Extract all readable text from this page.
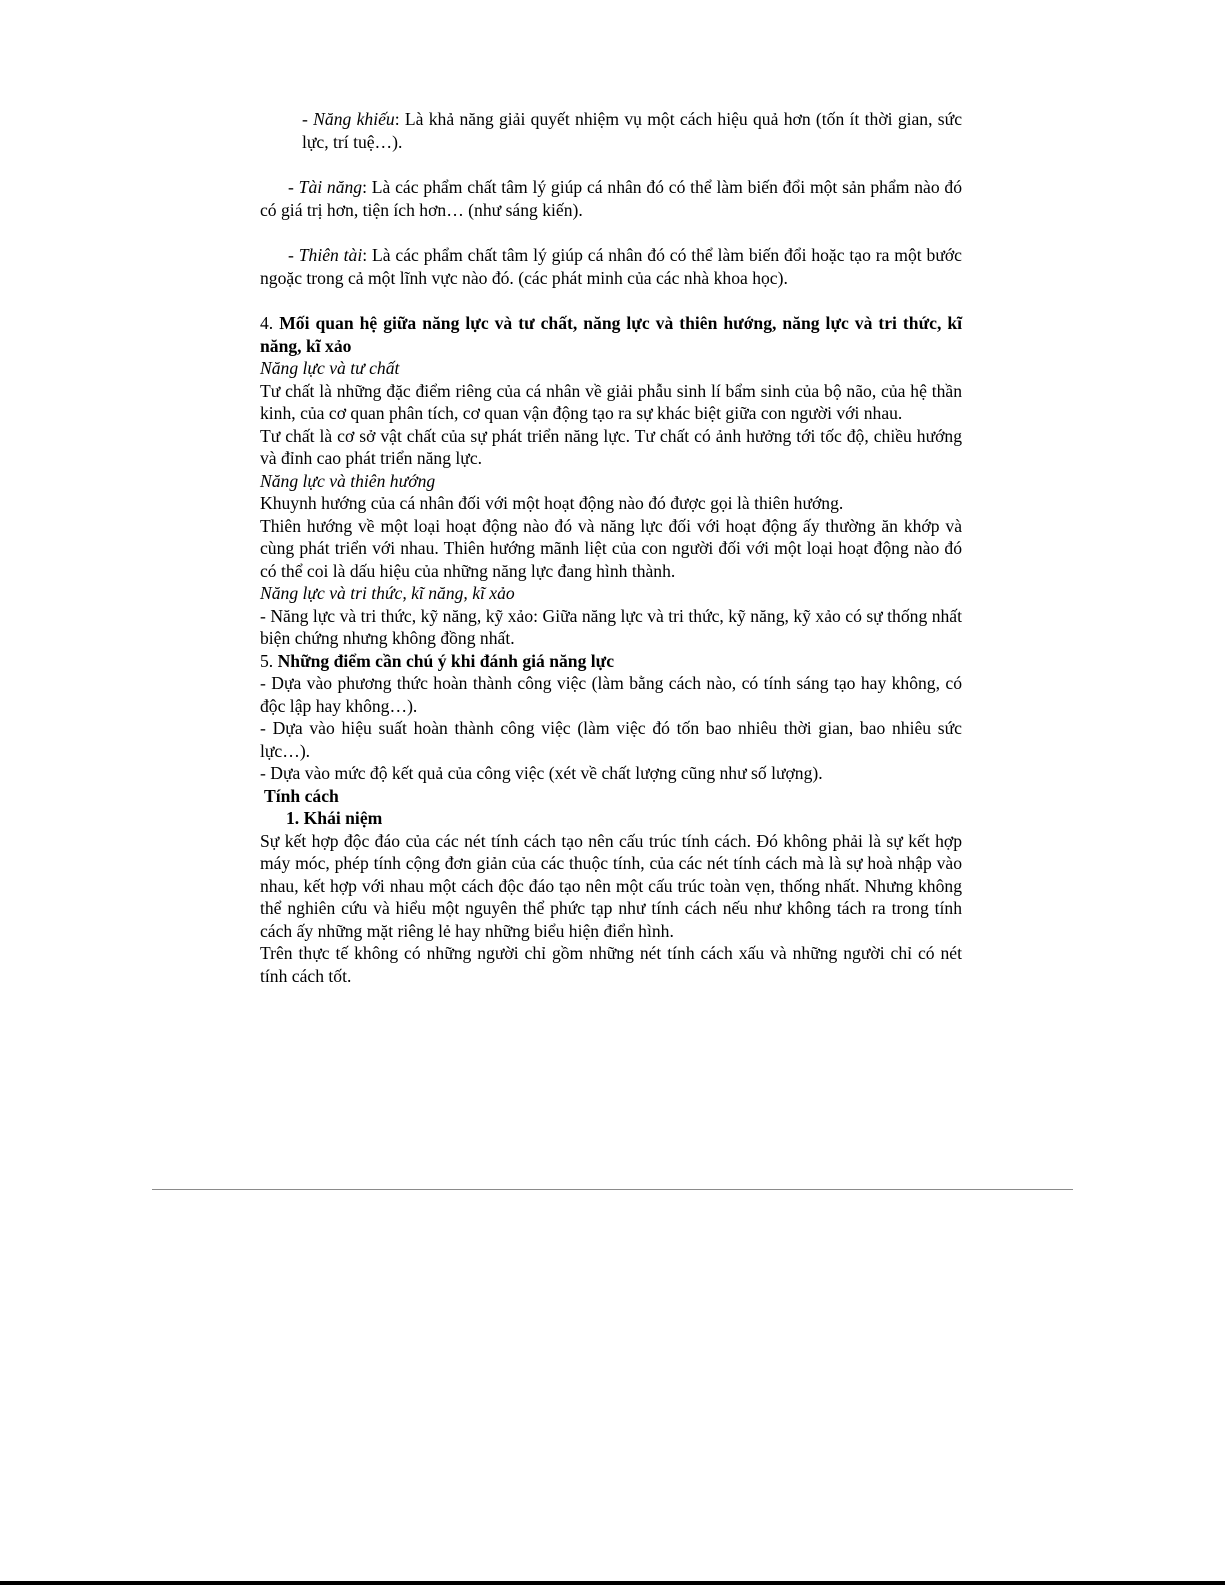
- Năng khiếu: Là khả năng giải quyết nhiệm vụ một cách hiệu quả hơn (tốn ít thời gian, sức lực, trí tuệ…).

- Tài năng: Là các phẩm chất tâm lý giúp cá nhân đó có thể làm biến đổi một sản phẩm nào đó có giá trị hơn, tiện ích hơn… (như sáng kiến).

- Thiên tài: Là các phẩm chất tâm lý giúp cá nhân đó có thể làm biến đổi hoặc tạo ra một bước ngoặc trong cả một lĩnh vực nào đó. (các phát minh của các nhà khoa học).

4. Mối quan hệ giữa năng lực và tư chất, năng lực và thiên hướng, năng lực và tri thức, kĩ năng, kĩ xảo

Năng lực và tư chất

Tư chất là những đặc điểm riêng của cá nhân về giải phẫu sinh lí bẩm sinh của bộ não, của hệ thần kinh, của cơ quan phân tích, cơ quan vận động tạo ra sự khác biệt giữa con người với nhau.

Tư chất là cơ sở vật chất của sự phát triển năng lực. Tư chất có ảnh hưởng tới tốc độ, chiều hướng và đỉnh cao phát triển năng lực.

Năng lực và thiên hướng

Khuynh hướng của cá nhân đối với một hoạt động nào đó được gọi là thiên hướng.

Thiên hướng về một loại hoạt động nào đó và năng lực đối với hoạt động ấy thường ăn khớp và cùng phát triển với nhau. Thiên hướng mãnh liệt của con người đối với một loại hoạt động nào đó có thể coi là dấu hiệu của những năng lực đang hình thành.

Năng lực và tri thức, kĩ năng, kĩ xảo

- Năng lực và tri thức, kỹ năng, kỹ xảo: Giữa năng lực và tri thức, kỹ năng, kỹ xảo có sự thống nhất biện chứng nhưng không đồng nhất.

5. Những điểm cần chú ý khi đánh giá năng lực

- Dựa vào phương thức hoàn thành công việc (làm bằng cách nào, có tính sáng tạo hay không, có độc lập hay không…).

- Dựa vào hiệu suất hoàn thành công việc (làm việc đó tốn bao nhiêu thời gian, bao nhiêu sức lực…).

- Dựa vào mức độ kết quả của công việc (xét về chất lượng cũng như số lượng).

Tính cách

1. Khái niệm

Sự kết hợp độc đáo của các nét tính cách tạo nên cấu trúc tính cách. Đó không phải là sự kết hợp máy móc, phép tính cộng đơn giản của các thuộc tính, của các nét tính cách mà là sự hoà nhập vào nhau, kết hợp với nhau một cách độc đáo tạo nên một cấu trúc toàn vẹn, thống nhất. Nhưng không thể nghiên cứu và hiểu một nguyên thể phức tạp như tính cách nếu như không tách ra trong tính cách ấy những mặt riêng lẻ hay những biểu hiện điển hình.

Trên thực tế không có những người chỉ gồm những nét tính cách xấu và những người chỉ có nét tính cách tốt.
